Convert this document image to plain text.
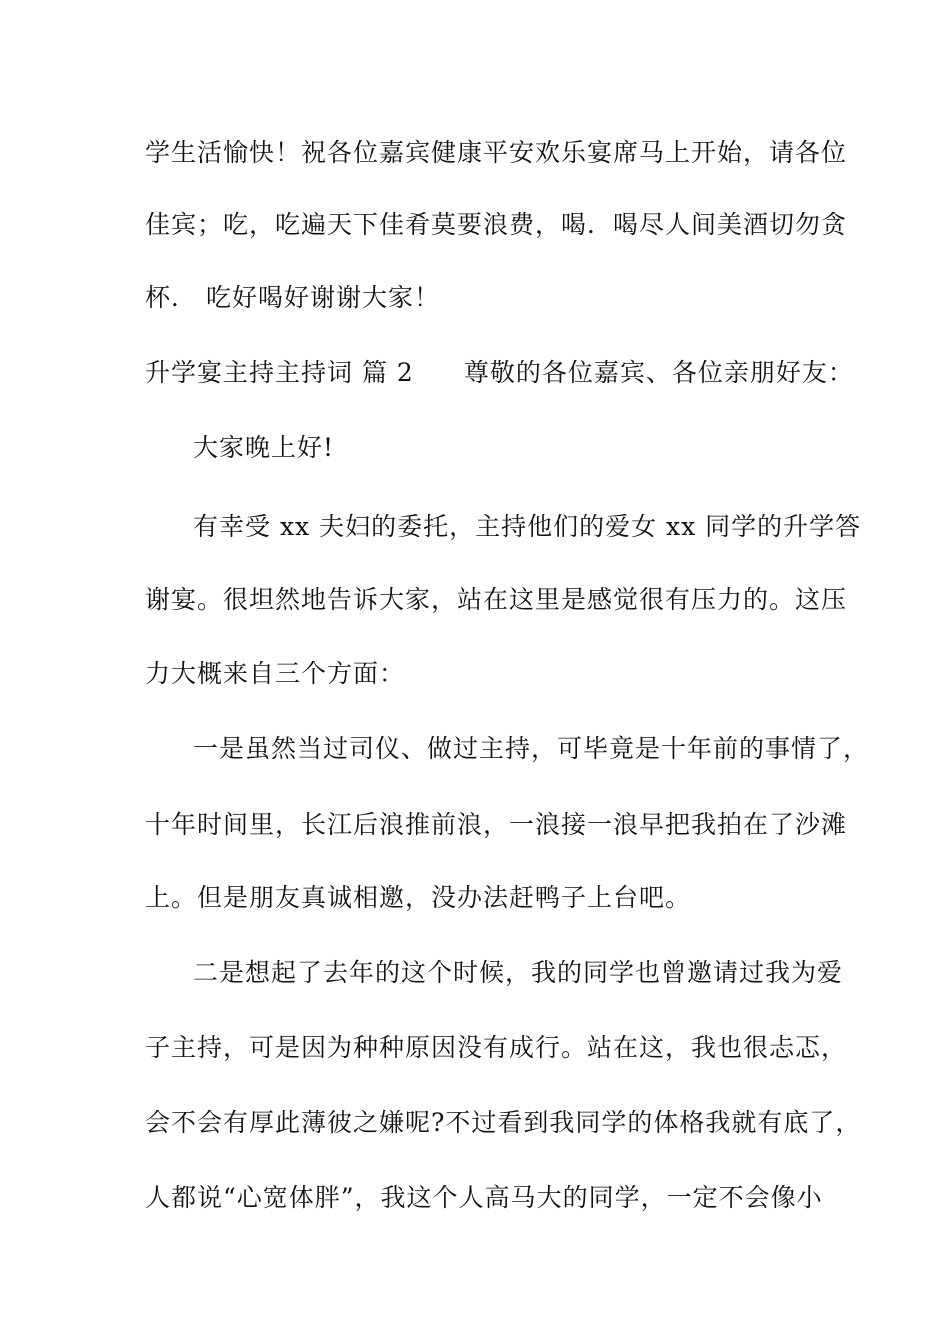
学生活愉快！祝各位嘉宾健康平安欢乐宴席马上开始，请各位
佳宾；吃，吃遍天下佳肴莫要浪费，喝．喝尽人间美酒切勿贪
杯． 吃好喝好谢谢大家！
升学宴主持主持词 篇 2 尊敬的各位嘉宾、各位亲朋好友：
大家晚上好!
有幸受 xx 夫妇的委托，主持他们的爱女 xx 同学的升学答
谢宴。很坦然地告诉大家，站在这里是感觉很有压力的。这压
力大概来自三个方面：
一是虽然当过司仪、做过主持，可毕竟是十年前的事情了，
十年时间里，长江后浪推前浪，一浪接一浪早把我拍在了沙滩
上。但是朋友真诚相邀，没办法赶鸭子上台吧。
二是想起了去年的这个时候，我的同学也曾邀请过我为爱
子主持，可是因为种种原因没有成行。站在这，我也很忐忑，
会不会有厚此薄彼之嫌呢?不过看到我同学的体格我就有底了，
人都说“心宽体胖”，我这个人高马大的同学，一定不会像小
